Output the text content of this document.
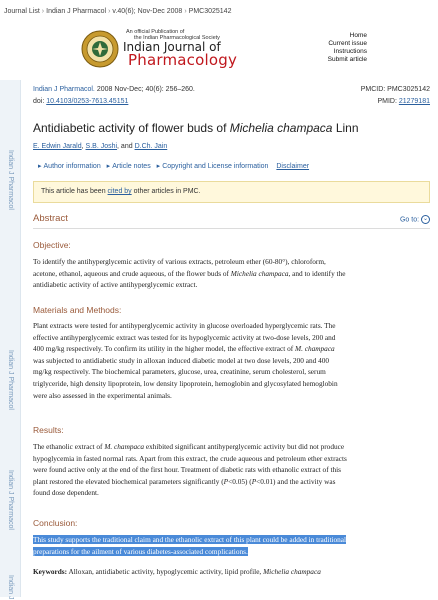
Journal List › Indian J Pharmacol › v.40(6); Nov-Dec 2008 › PMC3025142
An official Publication of
the Indian Pharmacological Society
Indian Journal of
Pharmacology
Home
Current issue
Instructions
Submit article
Indian J Pharmacol
Indian J Pharmacol
Indian J Pharmacol
Indian J
Indian J Pharmacol. 2008 Nov-Dec; 40(6): 256–260.
doi: 10.4103/0253-7613.45151
PMCID: PMC3025142
PMID: 21279181
Antidiabetic activity of flower buds of Michelia champaca Linn
E. Edwin Jarald, S.B. Joshi, and D.Ch. Jain
▸ Author information ▸ Article notes ▸ Copyright and License information Disclaimer
This article has been cited by other articles in PMC.
Abstract	Go to: ⌄
Objective:
To identify the antihyperglycemic activity of various extracts, petroleum ether (60-80°), chloroform,
acetone, ethanol, aqueous and crude aqueous, of the flower buds of Michelia champaca, and to identify the
antidiabetic activity of active antihyperglycemic extract.
Materials and Methods:
Plant extracts were tested for antihyperglycemic activity in glucose overloaded hyperglycemic rats. The
effective antihyperglycemic extract was tested for its hypoglycemic activity at two-dose levels, 200 and
400 mg/kg respectively. To confirm its utility in the higher model, the effective extract of M. champaca
was subjected to antidiabetic study in alloxan induced diabetic model at two dose levels, 200 and 400
mg/kg respectively. The biochemical parameters, glucose, urea, creatinine, serum cholesterol, serum
triglyceride, high density lipoprotein, low density lipoprotein, hemoglobin and glycosylated hemoglobin
were also assessed in the experimental animals.
Results:
The ethanolic extract of M. champaca exhibited significant antihyperglycemic activity but did not produce
hypoglycemia in fasted normal rats. Apart from this extract, the crude aqueous and petroleum ether extracts
were found active only at the end of the first hour. Treatment of diabetic rats with ethanolic extract of this
plant restored the elevated biochemical parameters significantly (P<0.05) (P<0.01) and the activity was
found dose dependent.
Conclusion:
This study supports the traditional claim and the ethanolic extract of this plant could be added in traditional
preparations for the ailment of various diabetes-associated complications.
Keywords: Alloxan, antidiabetic activity, hypoglycemic activity, lipid profile, Michelia champaca
